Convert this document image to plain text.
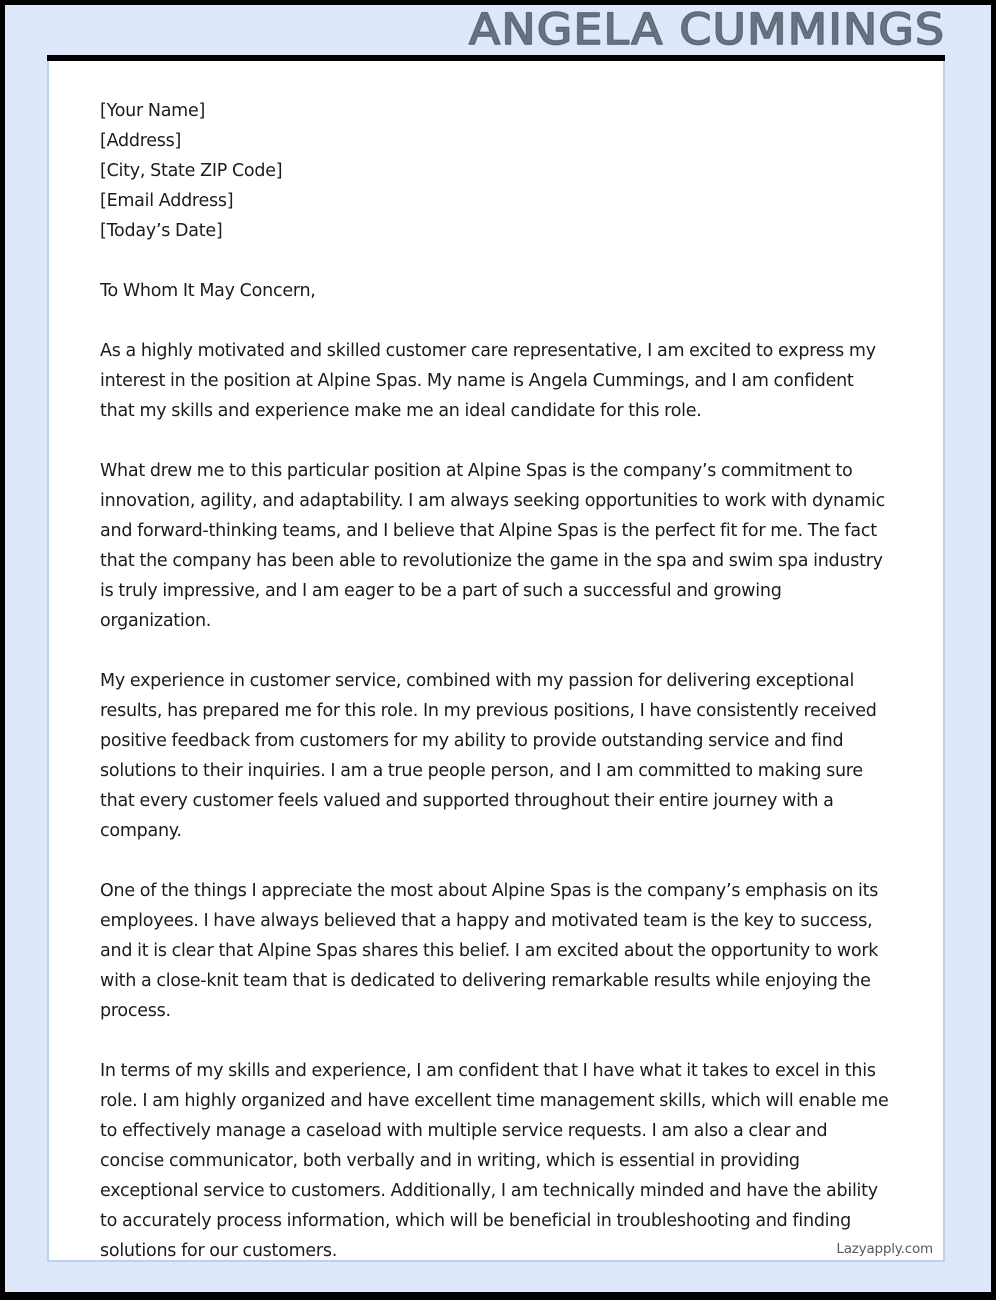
ANGELA CUMMINGS
[Your Name]
[Address]
[City, State ZIP Code]
[Email Address]
[Today’s Date]

To Whom It May Concern,

As a highly motivated and skilled customer care representative, I am excited to express my interest in the position at Alpine Spas. My name is Angela Cummings, and I am confident that my skills and experience make me an ideal candidate for this role.

What drew me to this particular position at Alpine Spas is the company’s commitment to innovation, agility, and adaptability. I am always seeking opportunities to work with dynamic and forward-thinking teams, and I believe that Alpine Spas is the perfect fit for me. The fact that the company has been able to revolutionize the game in the spa and swim spa industry is truly impressive, and I am eager to be a part of such a successful and growing organization.

My experience in customer service, combined with my passion for delivering exceptional results, has prepared me for this role. In my previous positions, I have consistently received positive feedback from customers for my ability to provide outstanding service and find solutions to their inquiries. I am a true people person, and I am committed to making sure that every customer feels valued and supported throughout their entire journey with a company.

One of the things I appreciate the most about Alpine Spas is the company’s emphasis on its employees. I have always believed that a happy and motivated team is the key to success, and it is clear that Alpine Spas shares this belief. I am excited about the opportunity to work with a close-knit team that is dedicated to delivering remarkable results while enjoying the process.

In terms of my skills and experience, I am confident that I have what it takes to excel in this role. I am highly organized and have excellent time management skills, which will enable me to effectively manage a caseload with multiple service requests. I am also a clear and concise communicator, both verbally and in writing, which is essential in providing exceptional service to customers. Additionally, I am technically minded and have the ability to accurately process information, which will be beneficial in troubleshooting and finding solutions for our customers.	Lazyapply.com
